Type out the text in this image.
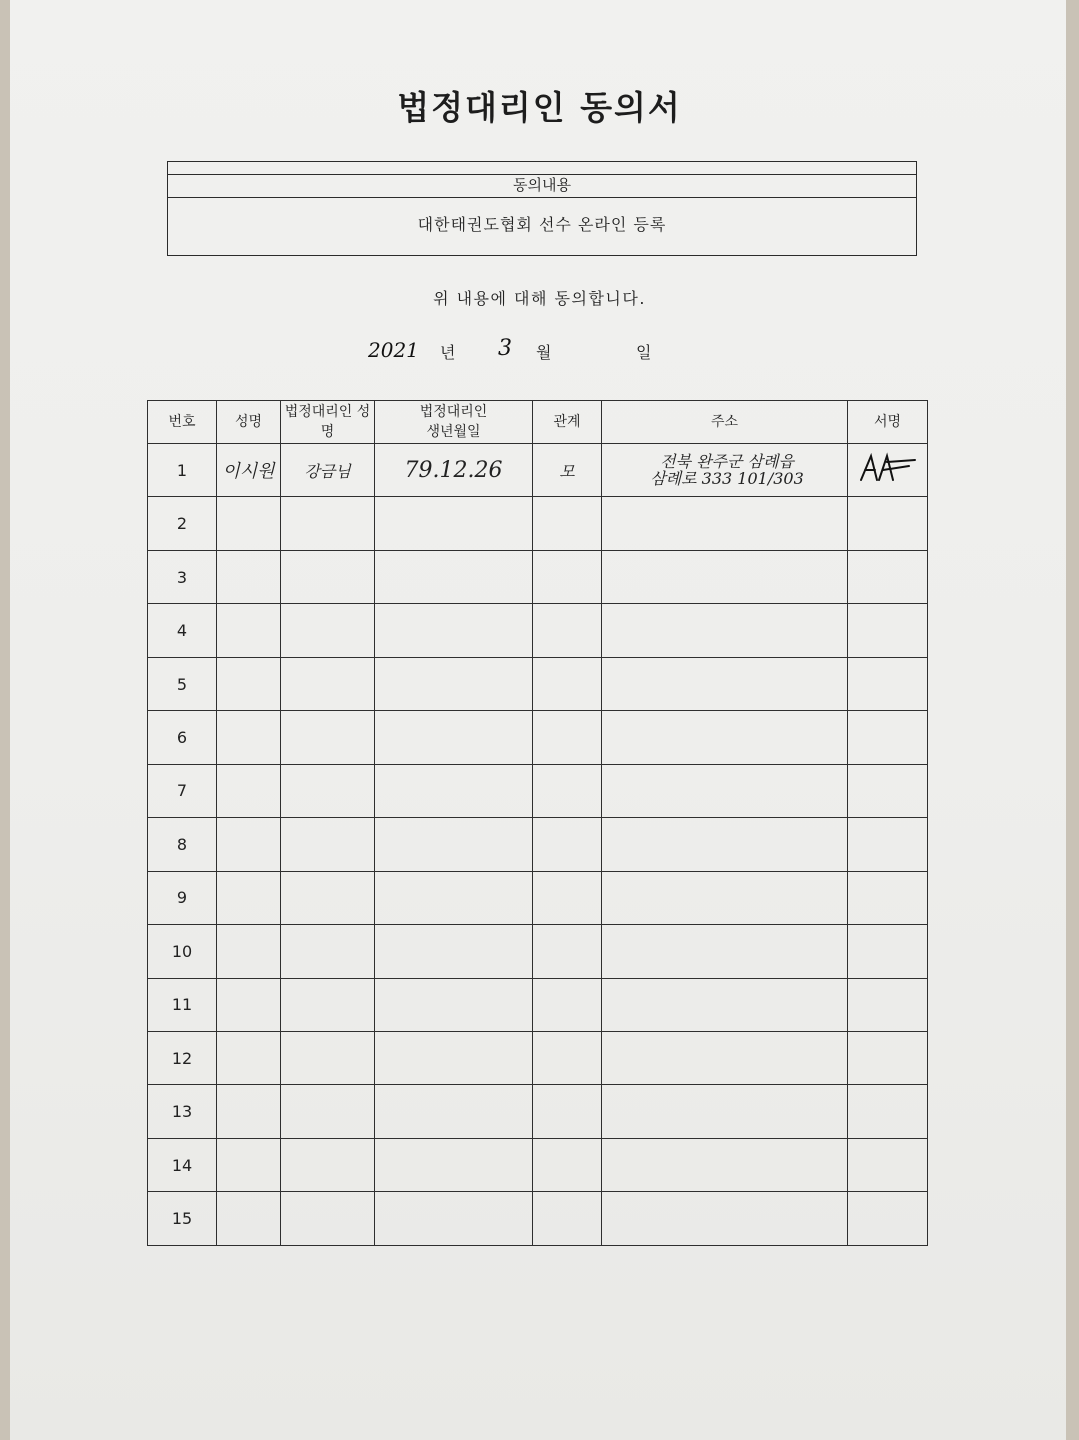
법정대리인 동의서
동의내용
대한태권도협회 선수 온라인 등록
위 내용에 대해 동의합니다.
2021 년 3 월	일
번호	성명	법정대리인 성명	법정대리인 생년월일	관계	주소	서명
1	이시원	강금님	79.12.26	모	전북 완주군 삼례읍
삼례로 333 101/303

2						
3						
4						
5						
6						
7						
8						
9						
10						
11						
12						
13						
14						
15						
